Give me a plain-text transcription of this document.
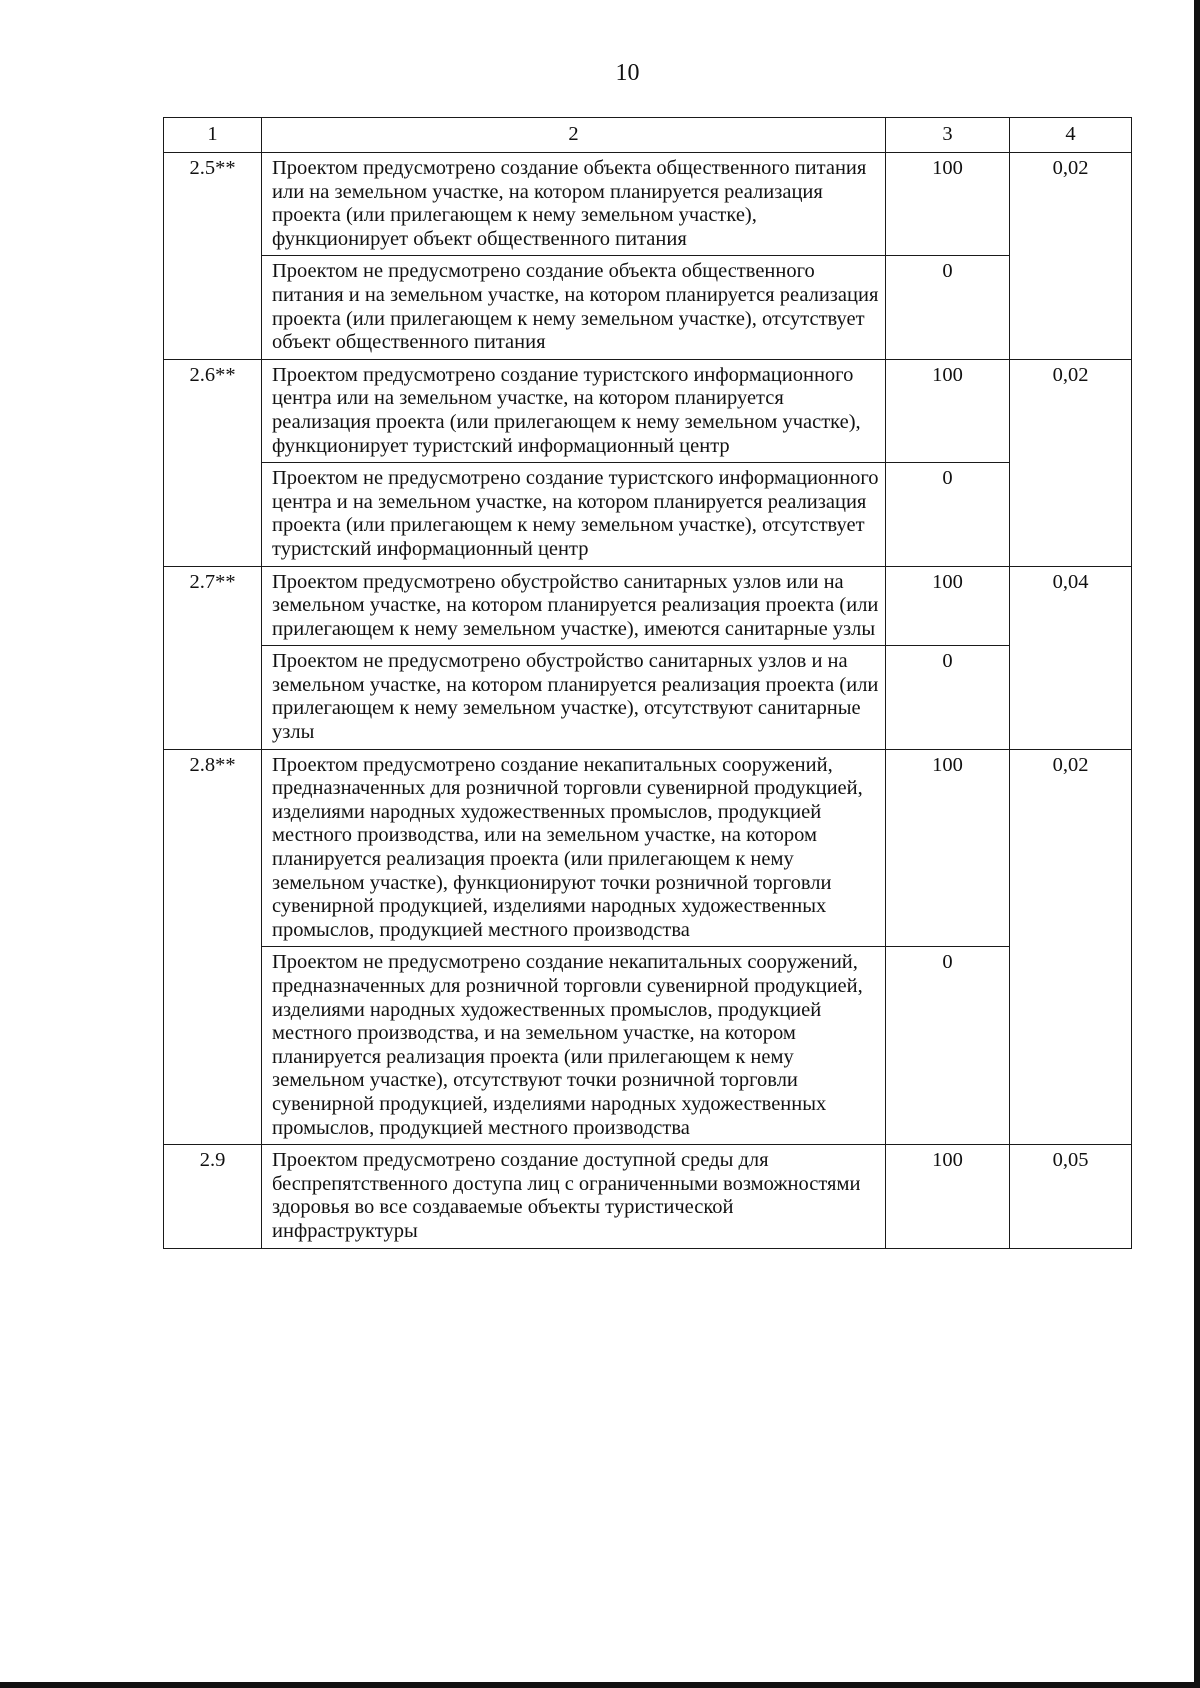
10
1	2	3	4
2.5**	Проектом предусмотрено создание объекта общественного питания или на земельном участке, на котором планируется реализация проекта (или прилегающем к нему земельном участке), функционирует объект общественного питания	100	0,02
	Проектом не предусмотрено создание объекта общественного питания и на земельном участке, на котором планируется реализация проекта (или прилегающем к нему земельном участке), отсутствует объект общественного питания	0	
2.6**	Проектом предусмотрено создание туристского информационного центра или на земельном участке, на котором планируется реализация проекта (или прилегающем к нему земельном участке), функционирует туристский информационный центр	100	0,02
	Проектом не предусмотрено создание туристского информационного центра и на земельном участке, на котором планируется реализация проекта (или прилегающем к нему земельном участке), отсутствует туристский информационный центр	0	
2.7**	Проектом предусмотрено обустройство санитарных узлов или на земельном участке, на котором планируется реализация проекта (или прилегающем к нему земельном участке), имеются санитарные узлы	100	0,04
	Проектом не предусмотрено обустройство санитарных узлов и на земельном участке, на котором планируется реализация проекта (или прилегающем к нему земельном участке), отсутствуют санитарные узлы	0	
2.8**	Проектом предусмотрено создание некапитальных сооружений, предназначенных для розничной торговли сувенирной продукцией, изделиями народных художественных промыслов, продукцией местного производства, или на земельном участке, на котором планируется реализация проекта (или прилегающем к нему земельном участке), функционируют точки розничной торговли сувенирной продукцией, изделиями народных художественных промыслов, продукцией местного производства	100	0,02
	Проектом не предусмотрено создание некапитальных сооружений, предназначенных для розничной торговли сувенирной продукцией, изделиями народных художественных промыслов, продукцией местного производства, и на земельном участке, на котором планируется реализация проекта (или прилегающем к нему земельном участке), отсутствуют точки розничной торговли сувенирной продукцией, изделиями народных художественных промыслов, продукцией местного производства	0	
2.9	Проектом предусмотрено создание доступной среды для беспрепятственного доступа лиц с ограниченными возможностями здоровья во все создаваемые объекты туристической инфраструктуры	100	0,05
